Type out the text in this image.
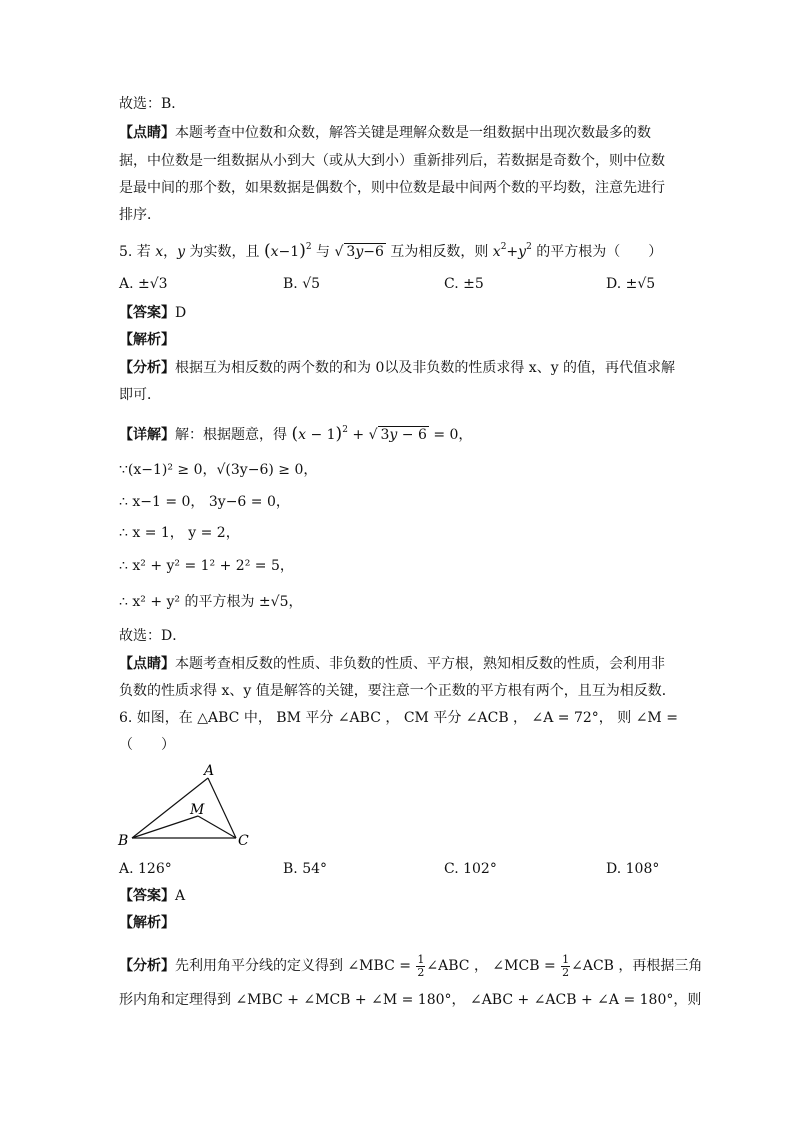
故选：B．
【点睛】本题考查中位数和众数，解答关键是理解众数是一组数据中出现次数最多的数
据，中位数是一组数据从小到大（或从大到小）重新排列后，若数据是奇数个，则中位数
是最中间的那个数，如果数据是偶数个，则中位数是最中间两个数的平均数，注意先进行
排序．
5. 若 x，y 为实数，且 $(x-1)^2$ 与 √ 3y−6 互为相反数，则 $x^2+y^2$ 的平方根为（　　）
A. ±√3	B. √5	C. ±5	D. ±√5
【答案】D
【解析】
【分析】根据互为相反数的两个数的和为 0以及非负数的性质求得 x、y 的值，再代值求解
即可．
【详解】解：根据题意，得 $(x - 1)^2$ + √ 3y − 6 = 0，
∵(x−1)² ≥ 0，√(3y−6) ≥ 0，
∴ x−1 = 0， 3y−6 = 0，
∴ x = 1， y = 2，
∴ x² + y² = 1² + 2² = 5，
∴ x² + y² 的平方根为 ±√5，
故选：D．
【点睛】本题考查相反数的性质、非负数的性质、平方根，熟知相反数的性质，会利用非
负数的性质求得 x、y 值是解答的关键，要注意一个正数的平方根有两个，且互为相反数．
6. 如图，在 △ABC 中， BM 平分 ∠ABC ， CM 平分 ∠ACB ， ∠A = 72°， 则 ∠M =
（　　）
A
B	C
M
A. 126°	B. 54°	C. 102°	D. 108°
【答案】A
【解析】
【分析】先利用角平分线的定义得到 ∠MBC = $\frac{1}{2}$ ∠ABC ， ∠MCB = $\frac{1}{2}$ ∠ACB ，再根据三角
形内角和定理得到 ∠MBC + ∠MCB + ∠M = 180°， ∠ABC + ∠ACB + ∠A = 180°，则
